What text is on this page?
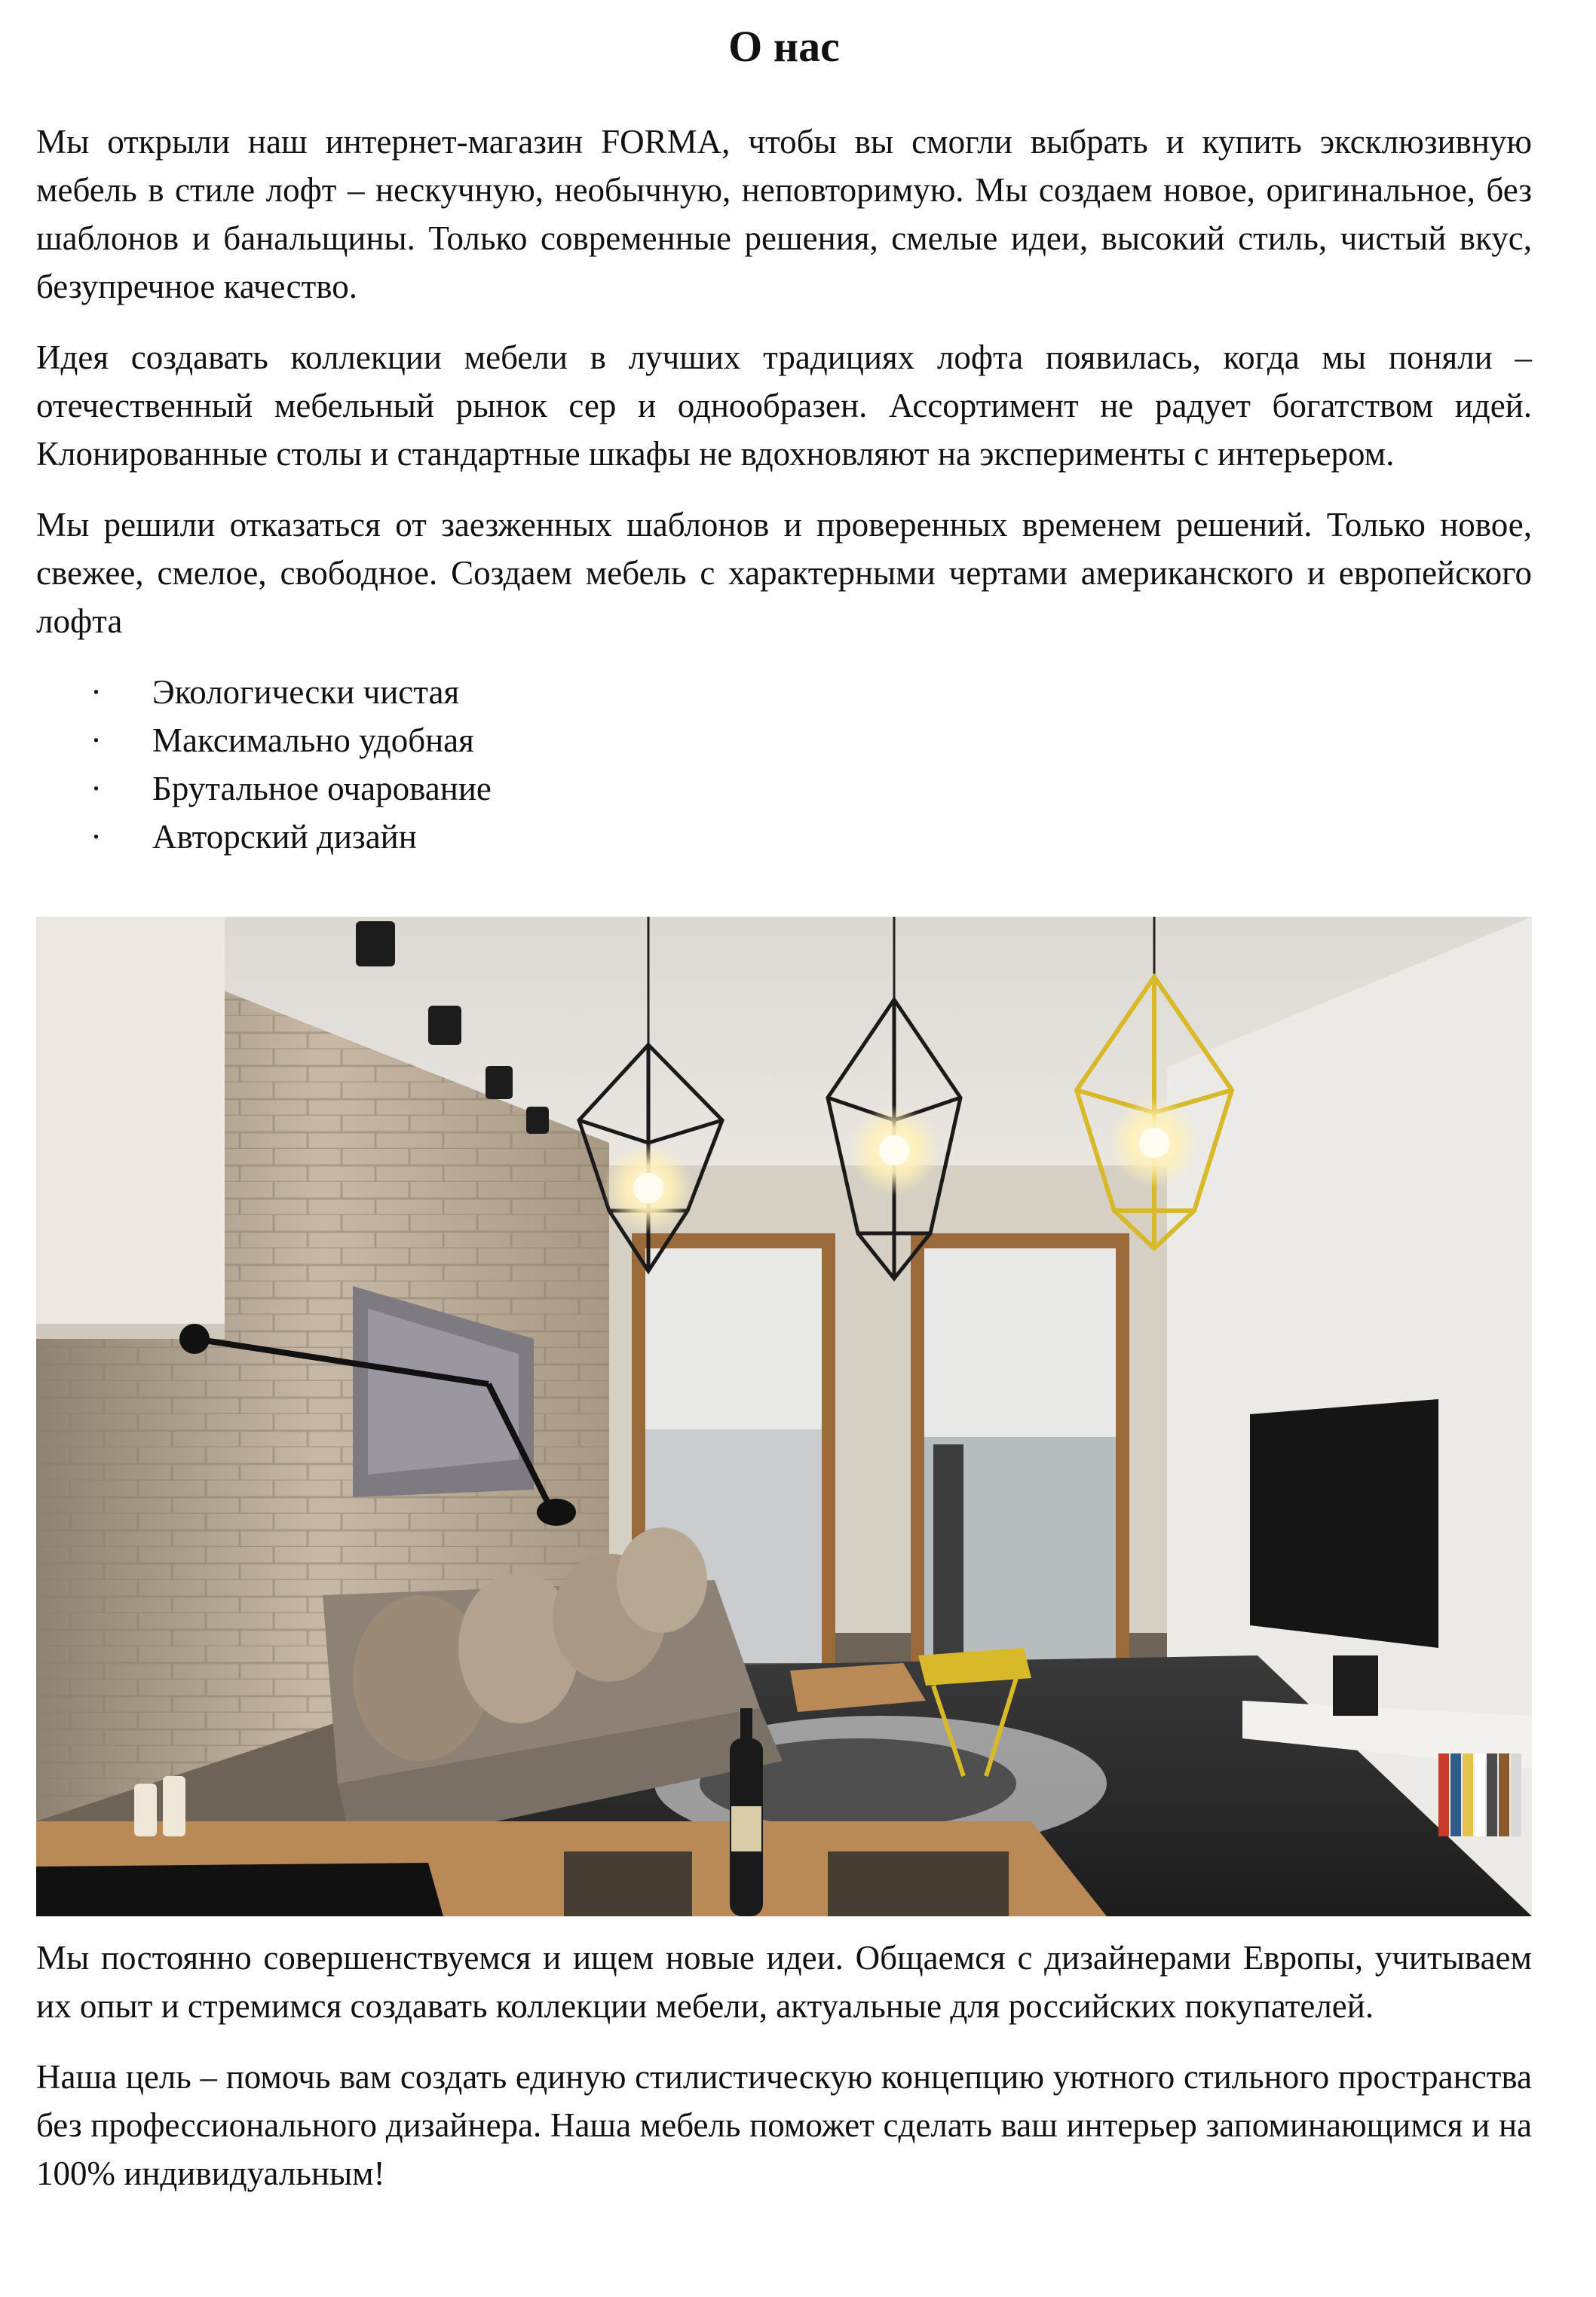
О нас

Мы открыли наш интернет-магазин FORMA, чтобы вы смогли выбрать и купить эксклюзивную мебель в стиле лофт – нескучную, необычную, неповторимую. Мы создаем новое, оригинальное, без шаблонов и банальщины. Только современные решения, смелые идеи, высокий стиль, чистый вкус, безупречное качество.

Идея создавать коллекции мебели в лучших традициях лофта появилась, когда мы поняли – отечественный мебельный рынок сер и однообразен. Ассортимент не радует богатством идей. Клонированные столы и стандартные шкафы не вдохновляют на эксперименты с интерьером.

Мы решили отказаться от заезженных шаблонов и проверенных временем решений. Только новое, свежее, смелое, свободное. Создаем мебель с характерными чертами американского и европейского лофта

· Экологически чистая
· Максимально удобная
· Брутальное очарование
· Авторский дизайн

Мы постоянно совершенствуемся и ищем новые идеи. Общаемся с дизайнерами Европы, учитываем их опыт и стремимся создавать коллекции мебели, актуальные для российских покупателей.

Наша цель – помочь вам создать единую стилистическую концепцию уютного стильного пространства без профессионального дизайнера. Наша мебель поможет сделать ваш интерьер запоминающимся и на 100% индивидуальным!
